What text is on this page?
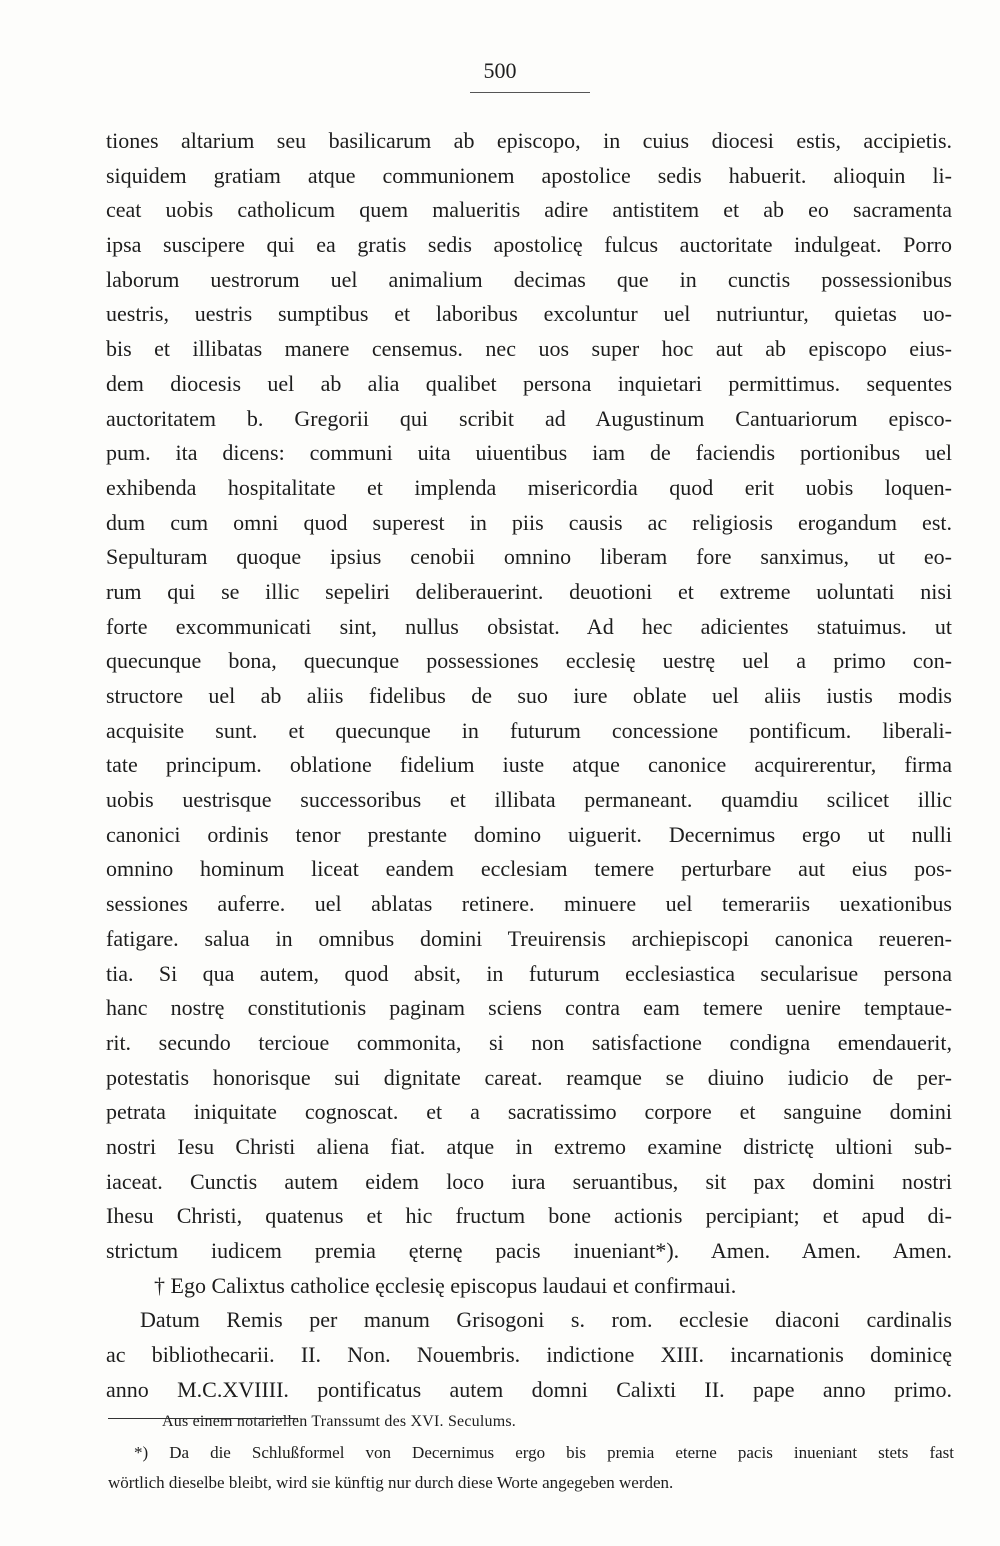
500
tiones altarium seu basilicarum ab episcopo, in cuius diocesi estis, accipietis.
siquidem gratiam atque communionem apostolice sedis habuerit. alioquin li-
ceat uobis catholicum quem malueritis adire antistitem et ab eo sacramenta
ipsa suscipere qui ea gratis sedis apostolicę fulcus auctoritate indulgeat. Porro
laborum uestrorum uel animalium decimas que in cunctis possessionibus
uestris, uestris sumptibus et laboribus excoluntur uel nutriuntur, quietas uo-
bis et illibatas manere censemus. nec uos super hoc aut ab episcopo eius-
dem diocesis uel ab alia qualibet persona inquietari permittimus. sequentes
auctoritatem b. Gregorii qui scribit ad Augustinum Cantuariorum episco-
pum. ita dicens: communi uita uiuentibus iam de faciendis portionibus uel
exhibenda hospitalitate et implenda misericordia quod erit uobis loquen-
dum cum omni quod superest in piis causis ac religiosis erogandum est.
Sepulturam quoque ipsius cenobii omnino liberam fore sanximus, ut eo-
rum qui se illic sepeliri deliberauerint. deuotioni et extreme uoluntati nisi
forte excommunicati sint, nullus obsistat. Ad hec adicientes statuimus. ut
quecunque bona, quecunque possessiones ecclesię uestrę uel a primo con-
structore uel ab aliis fidelibus de suo iure oblate uel aliis iustis modis
acquisite sunt. et quecunque in futurum concessione pontificum. liberali-
tate principum. oblatione fidelium iuste atque canonice acquirerentur, firma
uobis uestrisque successoribus et illibata permaneant. quamdiu scilicet illic
canonici ordinis tenor prestante domino uiguerit. Decernimus ergo ut nulli
omnino hominum liceat eandem ecclesiam temere perturbare aut eius pos-
sessiones auferre. uel ablatas retinere. minuere uel temerariis uexationibus
fatigare. salua in omnibus domini Treuirensis archiepiscopi canonica reueren-
tia. Si qua autem, quod absit, in futurum ecclesiastica secularisue persona
hanc nostrę constitutionis paginam sciens contra eam temere uenire temptaue-
rit. secundo tercioue commonita, si non satisfactione condigna emendauerit,
potestatis honorisque sui dignitate careat. reamque se diuino iudicio de per-
petrata iniquitate cognoscat. et a sacratissimo corpore et sanguine domini
nostri Iesu Christi aliena fiat. atque in extremo examine districtę ultioni sub-
iaceat. Cunctis autem eidem loco iura seruantibus, sit pax domini nostri
Ihesu Christi, quatenus et hic fructum bone actionis percipiant; et apud di-
strictum iudicem premia ęternę pacis inueniant*). Amen. Amen. Amen.
† Ego Calixtus catholice ęcclesię episcopus laudaui et confirmaui.
Datum Remis per manum Grisogoni s. rom. ecclesie diaconi cardinalis
ac bibliothecarii. II. Non. Nouembris. indictione XIII. incarnationis dominicę
anno M.C.XVIIII. pontificatus autem domni Calixti II. pape anno primo.
Aus einem notariellen Transsumt des XVI. Seculums.
*) Da die Schlußformel von Decernimus ergo bis premia eterne pacis inueniant stets fast
wörtlich dieselbe bleibt, wird sie künftig nur durch diese Worte angegeben werden.
